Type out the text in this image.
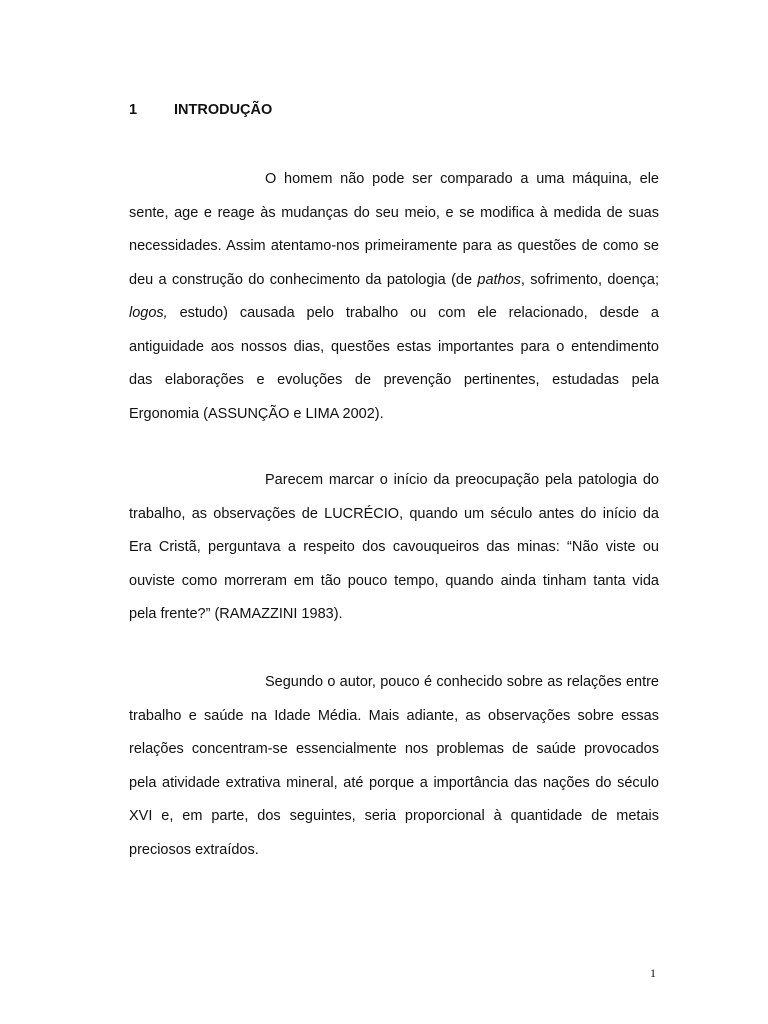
1	INTRODUÇÃO

O homem não pode ser comparado a uma máquina, ele sente, age e reage às mudanças do seu meio, e se modifica à medida de suas necessidades. Assim atentamo-nos primeiramente para as questões de como se deu a construção do conhecimento da patologia (de pathos, sofrimento, doença; logos, estudo) causada pelo trabalho ou com ele relacionado, desde a antiguidade aos nossos dias, questões estas importantes para o entendimento das elaborações e evoluções de prevenção pertinentes, estudadas pela Ergonomia (ASSUNÇÃO e LIMA 2002).

Parecem marcar o início da preocupação pela patologia do trabalho, as observações de LUCRÉCIO, quando um século antes do início da Era Cristã, perguntava a respeito dos cavouqueiros das minas: “Não viste ou ouviste como morreram em tão pouco tempo, quando ainda tinham tanta vida pela frente?” (RAMAZZINI 1983).

Segundo o autor, pouco é conhecido sobre as relações entre trabalho e saúde na Idade Média. Mais adiante, as observações sobre essas relações concentram-se essencialmente nos problemas de saúde provocados pela atividade extrativa mineral, até porque a importância das nações do século XVI e, em parte, dos seguintes, seria proporcional à quantidade de metais preciosos extraídos.

1
